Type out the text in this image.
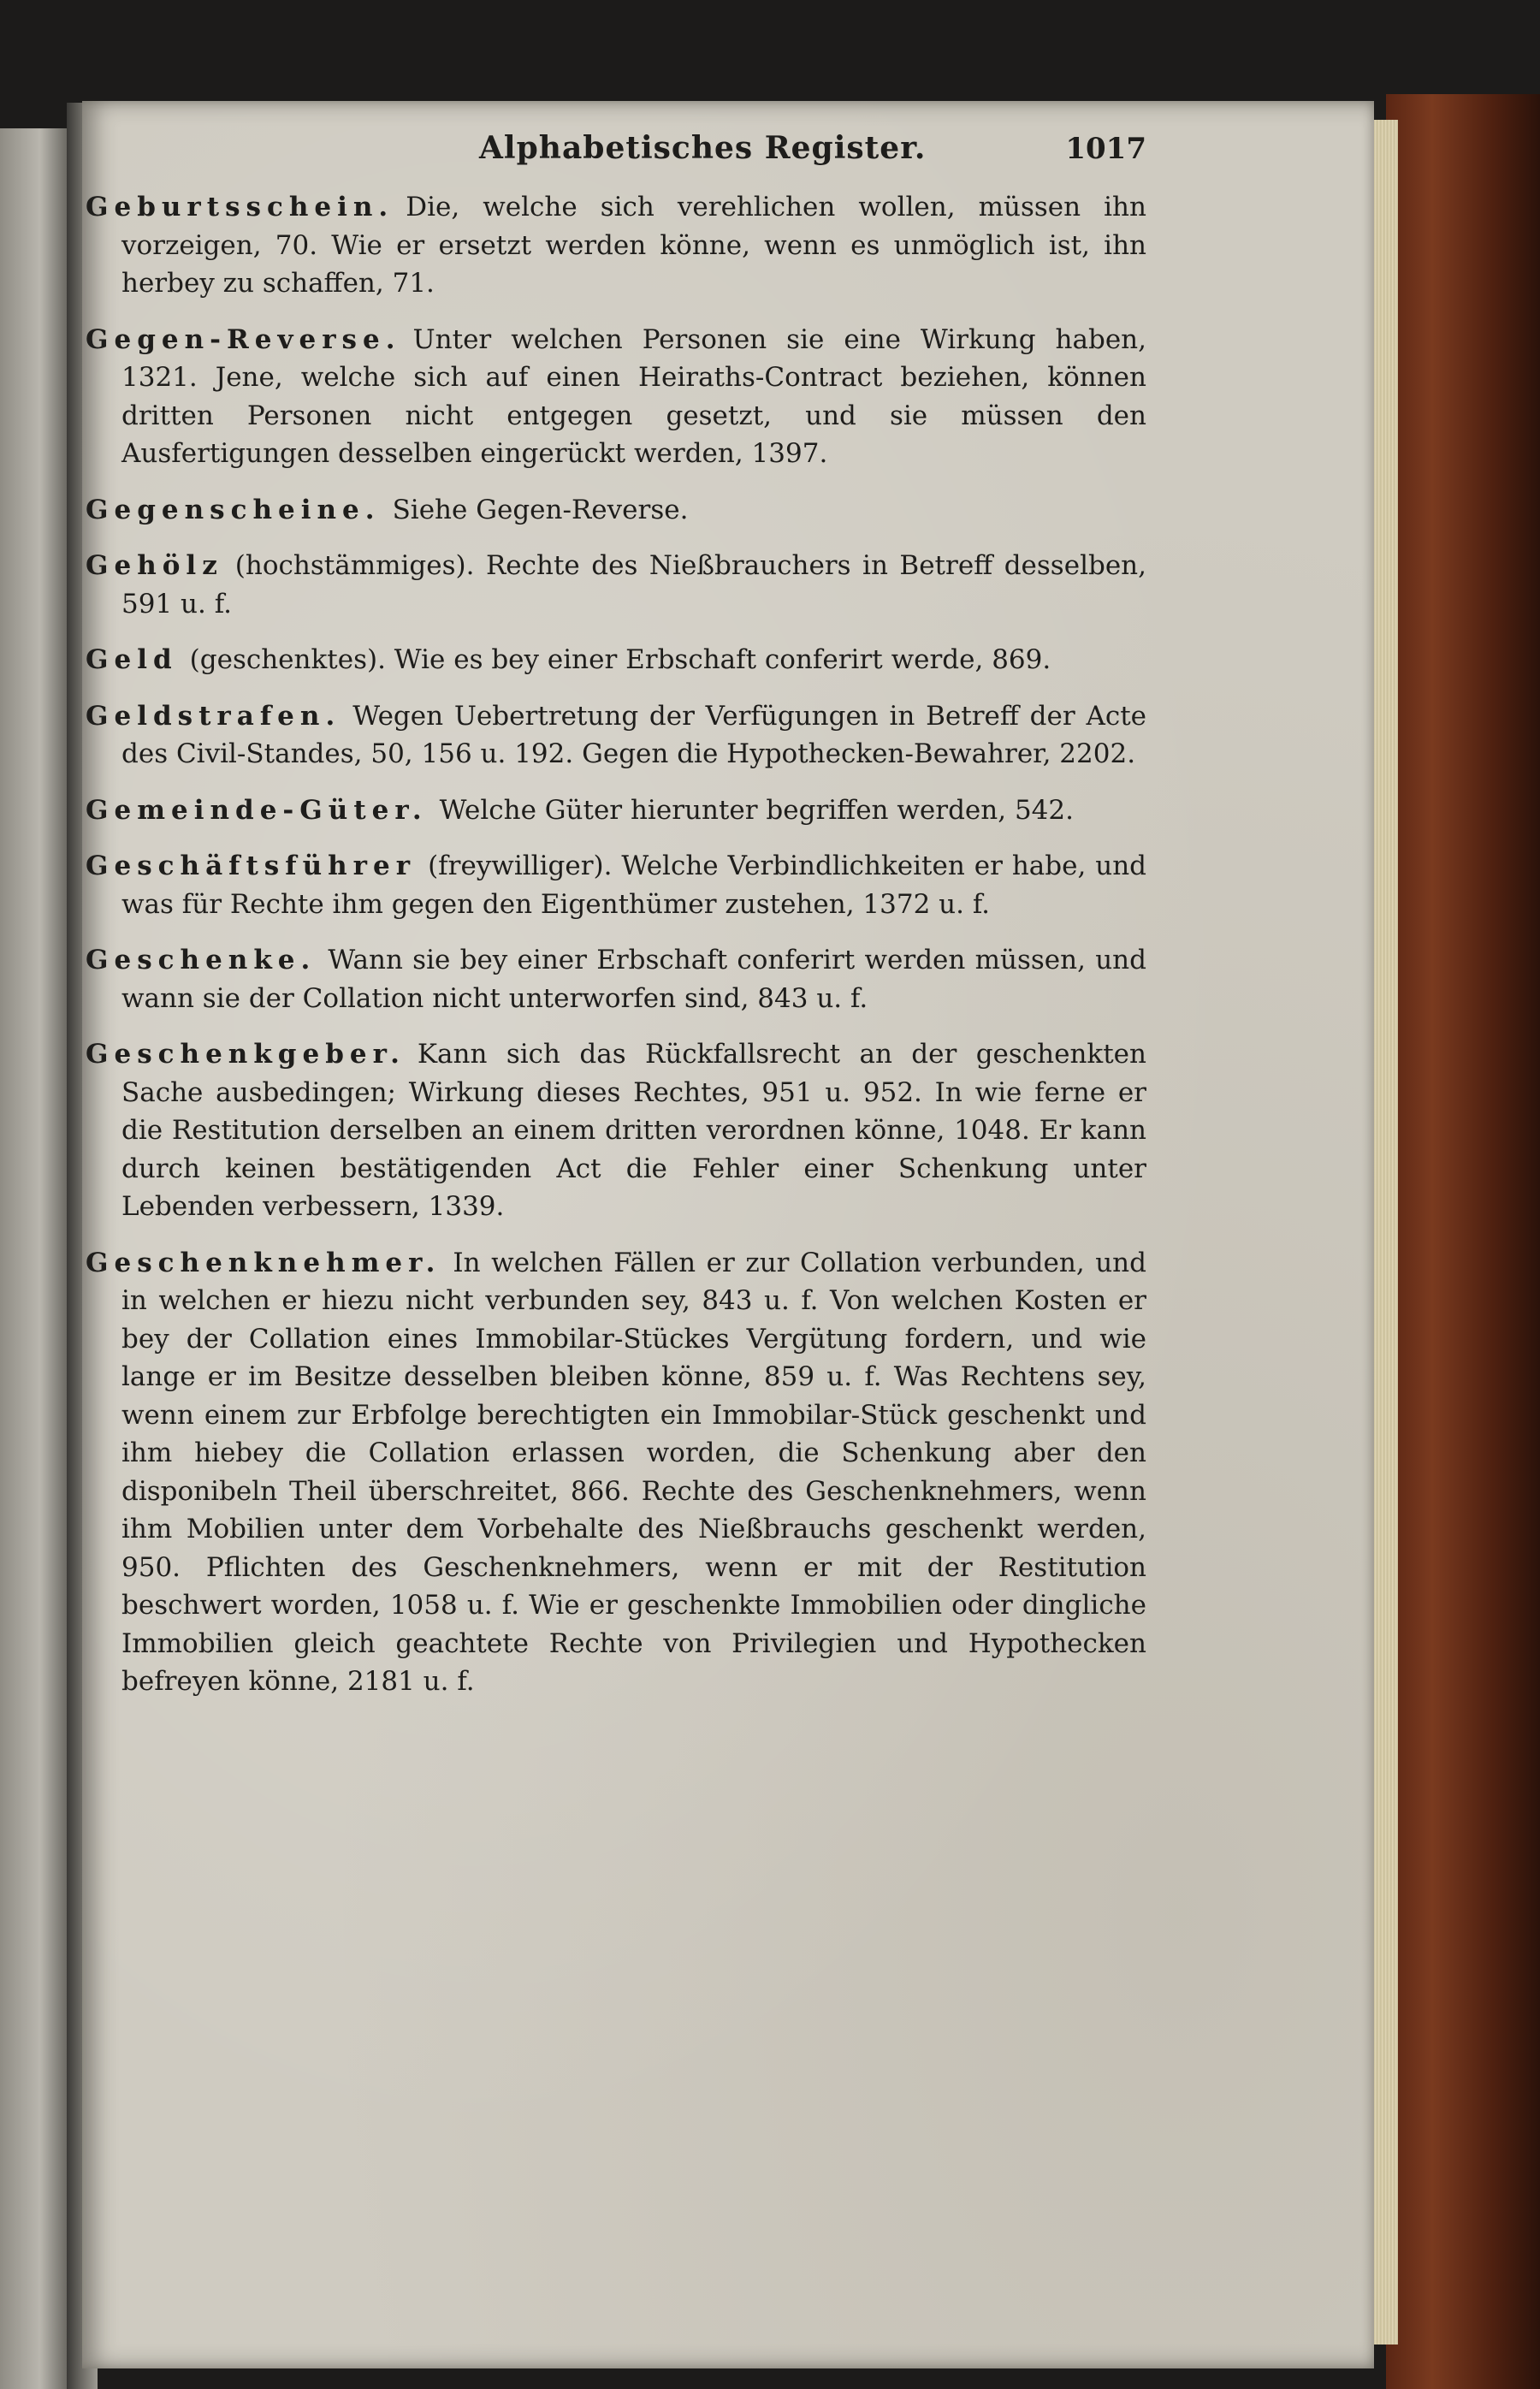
Alphabetisches Register.	1017

Geburtsschein. Die, welche sich verehlichen wollen, müssen ihn vorzeigen, 70. Wie er ersetzt werden könne, wenn es unmöglich ist, ihn herbey zu schaffen, 71.

Gegen-Reverse. Unter welchen Personen sie eine Wirkung haben, 1321. Jene, welche sich auf einen Heiraths-Contract beziehen, können dritten Personen nicht entgegen gesetzt, und sie müssen den Ausfertigungen desselben eingerückt werden, 1397.

Gegenscheine. Siehe Gegen-Reverse.

Gehölz (hochstämmiges). Rechte des Nießbrauchers in Betreff desselben, 591 u. f.

Geld (geschenktes). Wie es bey einer Erbschaft conferirt werde, 869.

Geldstrafen. Wegen Uebertretung der Verfügungen in Betreff der Acte des Civil-Standes, 50, 156 u. 192. Gegen die Hypothecken-Bewahrer, 2202.

Gemeinde-Güter. Welche Güter hierunter begriffen werden, 542.

Geschäftsführer (freywilliger). Welche Verbindlichkeiten er habe, und was für Rechte ihm gegen den Eigenthümer zustehen, 1372 u. f.

Geschenke. Wann sie bey einer Erbschaft conferirt werden müssen, und wann sie der Collation nicht unterworfen sind, 843 u. f.

Geschenkgeber. Kann sich das Rückfallsrecht an der geschenkten Sache ausbedingen; Wirkung dieses Rechtes, 951 u. 952. In wie ferne er die Restitution derselben an einem dritten verordnen könne, 1048. Er kann durch keinen bestätigenden Act die Fehler einer Schenkung unter Lebenden verbessern, 1339.

Geschenknehmer. In welchen Fällen er zur Collation verbunden, und in welchen er hiezu nicht verbunden sey, 843 u. f. Von welchen Kosten er bey der Collation eines Immobilar-Stückes Vergütung fordern, und wie lange er im Besitze desselben bleiben könne, 859 u. f. Was Rechtens sey, wenn einem zur Erbfolge berechtigten ein Immobilar-Stück geschenkt und ihm hiebey die Collation erlassen worden, die Schenkung aber den disponibeln Theil überschreitet, 866. Rechte des Geschenknehmers, wenn ihm Mobilien unter dem Vorbehalte des Nießbrauchs geschenkt werden, 950. Pflichten des Geschenknehmers, wenn er mit der Restitution beschwert worden, 1058 u. f. Wie er geschenkte Immobilien oder dingliche Immobilien gleich geachtete Rechte von Privilegien und Hypothecken befreyen könne, 2181 u. f.
